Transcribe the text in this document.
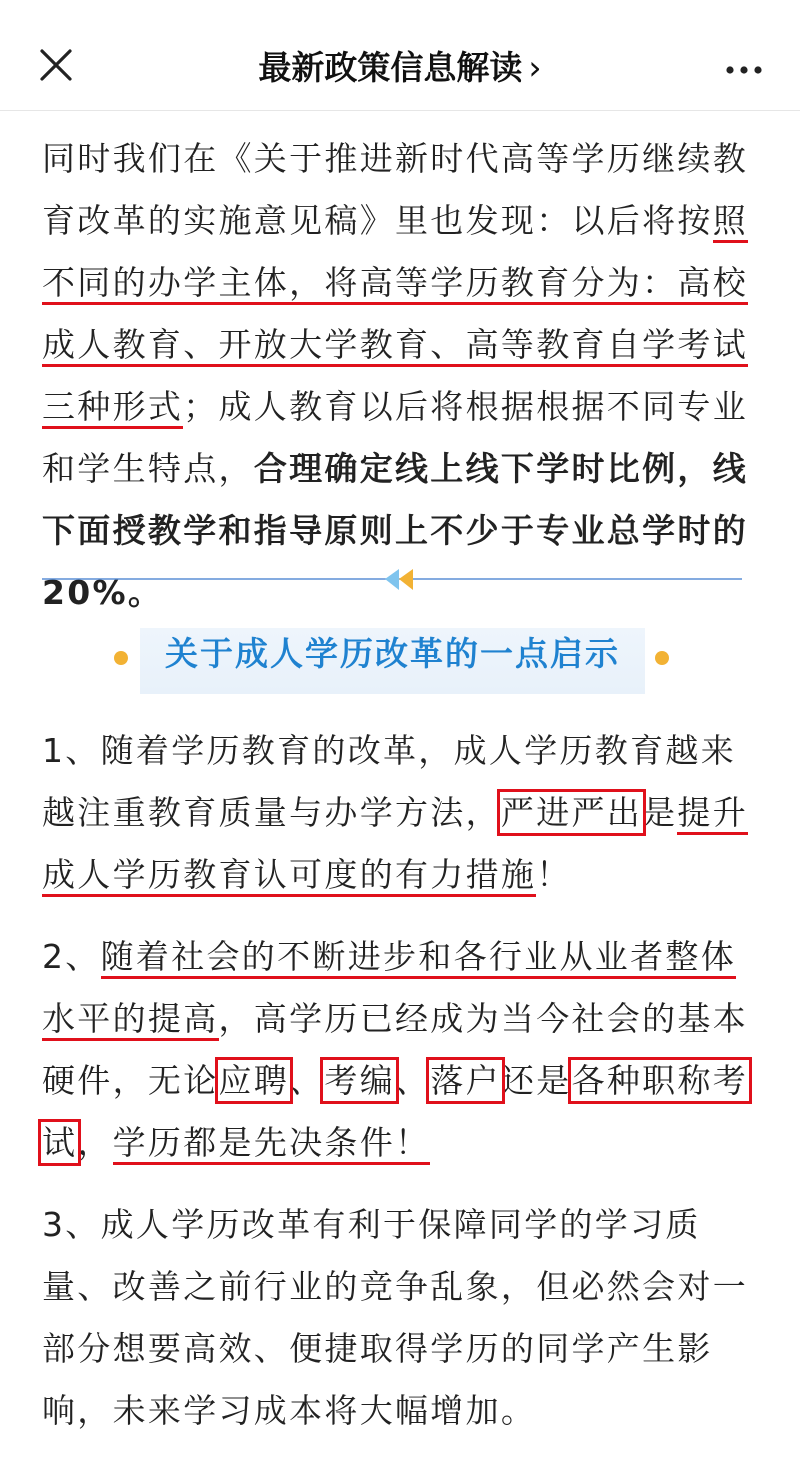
最新政策信息解读 ›

同时我们在《关于推进新时代高等学历继续教育改革的实施意见稿》里也发现：以后将按照不同的办学主体，将高等学历教育分为：高校成人教育、开放大学教育、高等教育自学考试三种形式；成人教育以后将根据根据不同专业和学生特点，合理确定线上线下学时比例，线下面授教学和指导原则上不少于专业总学时的20%。

关于成人学历改革的一点启示

1、随着学历教育的改革，成人学历教育越来越注重教育质量与办学方法，严进严出是提升成人学历教育认可度的有力措施！

2、随着社会的不断进步和各行业从业者整体水平的提高，高学历已经成为当今社会的基本硬件，无论应聘、考编、落户还是各种职称考试，学历都是先决条件！

3、成人学历改革有利于保障同学的学习质量、改善之前行业的竞争乱象，但必然会对一部分想要高效、便捷取得学历的同学产生影响，未来学习成本将大幅增加。
